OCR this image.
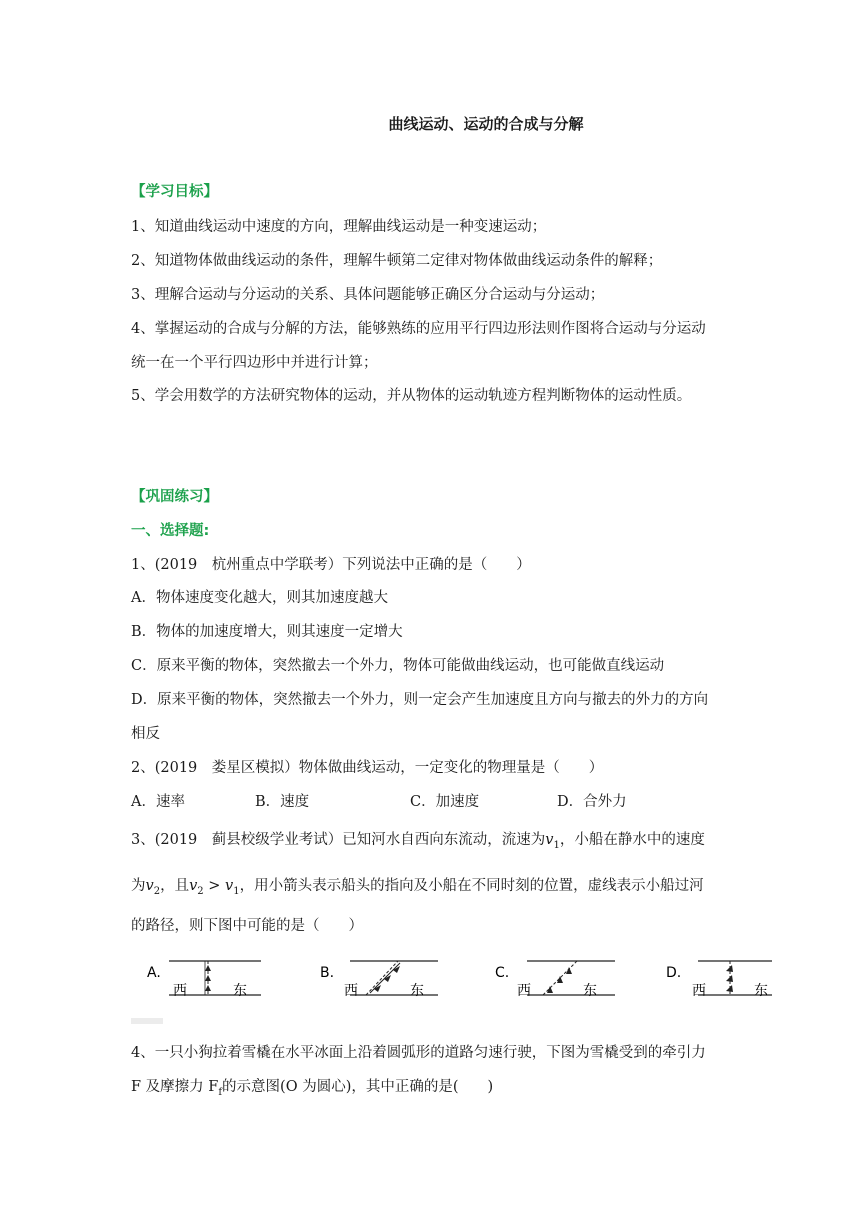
曲线运动、运动的合成与分解
【学习目标】
1、知道曲线运动中速度的方向，理解曲线运动是一种变速运动；
2、知道物体做曲线运动的条件，理解牛顿第二定律对物体做曲线运动条件的解释；
3、理解合运动与分运动的关系、具体问题能够正确区分合运动与分运动；
4、掌握运动的合成与分解的方法，能够熟练的应用平行四边形法则作图将合运动与分运动
统一在一个平行四边形中并进行计算；
5、学会用数学的方法研究物体的运动，并从物体的运动轨迹方程判断物体的运动性质。
【巩固练习】
一、选择题:
1、(2019　杭州重点中学联考）下列说法中正确的是（　　）
A．物体速度变化越大，则其加速度越大
B．物体的加速度增大，则其速度一定增大
C．原来平衡的物体，突然撤去一个外力，物体可能做曲线运动，也可能做直线运动
D．原来平衡的物体，突然撤去一个外力，则一定会产生加速度且方向与撤去的外力的方向
相反
2、(2019　娄星区模拟）物体做曲线运动，一定变化的物理量是（　　）
A．速率	B．速度	C．加速度	D．合外力
3、(2019　蓟县校级学业考试）已知河水自西向东流动，流速为$v_1$，小船在静水中的速度
为$v_2$，且$v_2 > v_1$，用小箭头表示船头的指向及小船在不同时刻的位置，虚线表示小船过河
的路径，则下图中可能的是（　　）
A.
西	东
B.
西	东
C.
西	东
D.
西	东
4、一只小狗拉着雪橇在水平冰面上沿着圆弧形的道路匀速行驶，下图为雪橇受到的牵引力
F 及摩擦力 $F_f$的示意图(O 为圆心)，其中正确的是(　　)
